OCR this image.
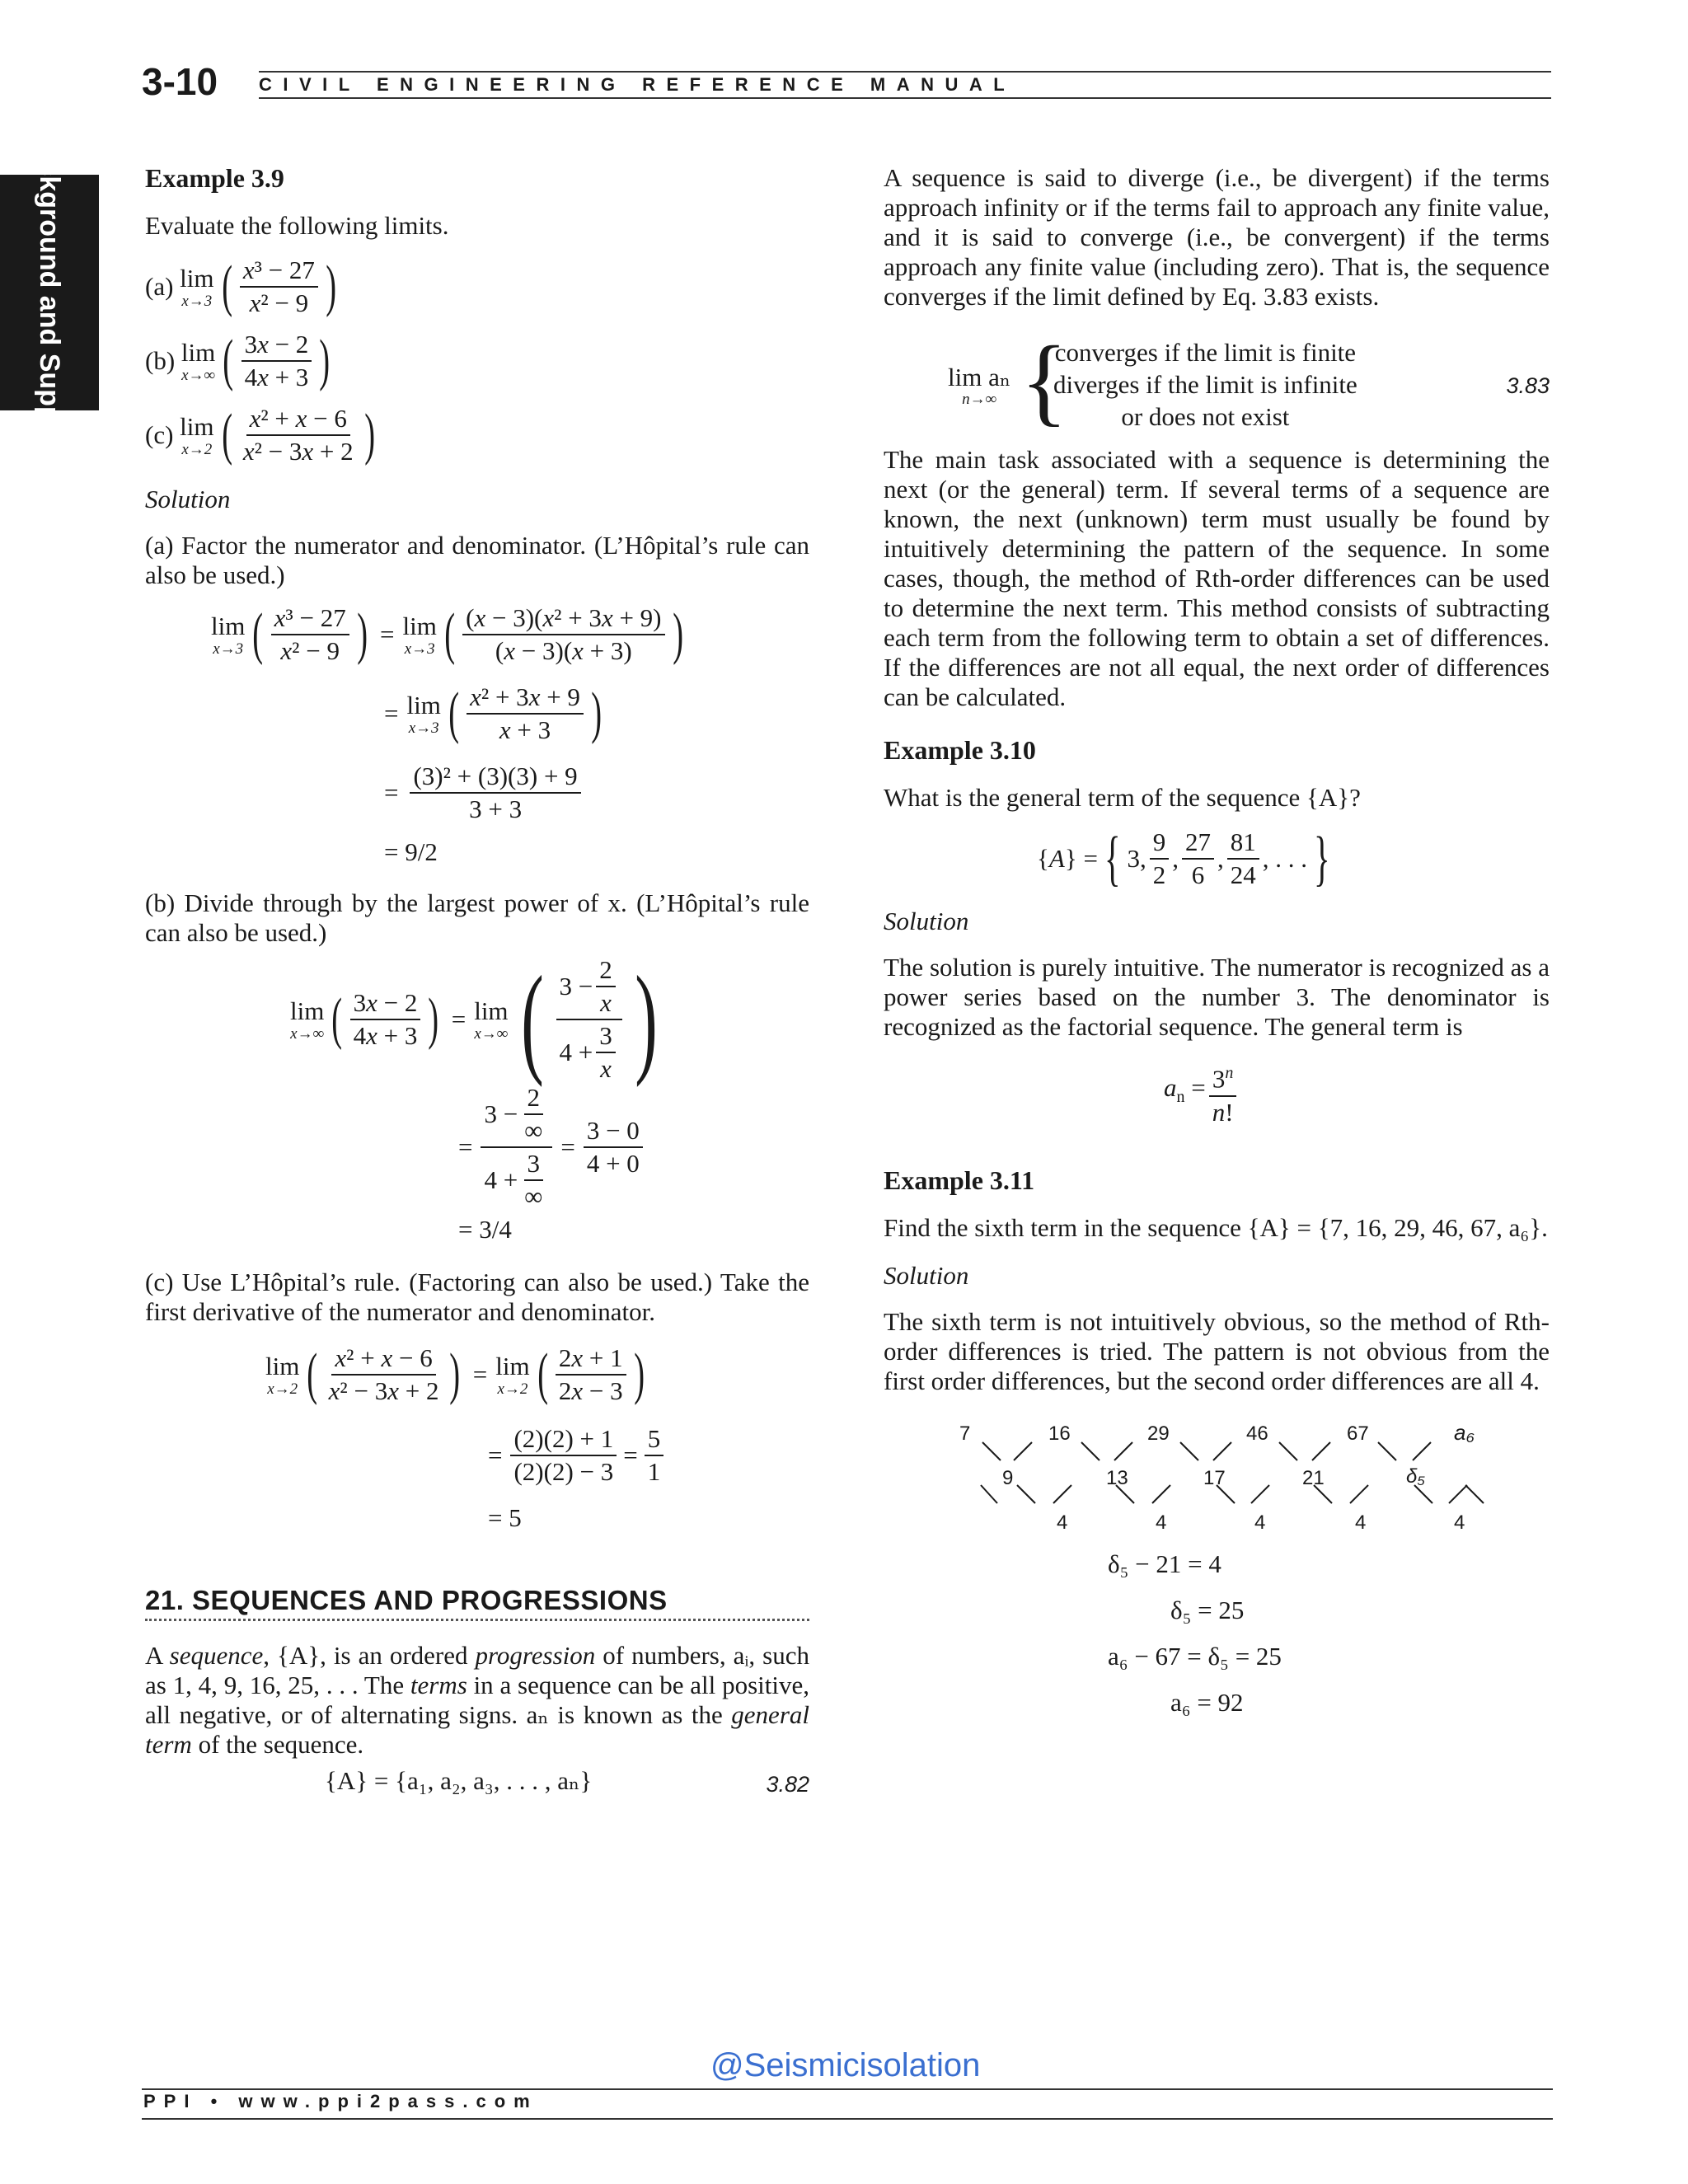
3-10 CIVIL ENGINEERING REFERENCE MANUAL
Background and Support	Example 3.9
Evaluate the following limits.
(a)
lim
x→3 ( $\frac{\text{x³ − 27}}{\text{x² − 9}}$ )
(b)
lim
x→∞ ( $\frac{3x - 2}{4x + 3}$ )
(c)
lim
x→2 ( $\frac{\text{x² + x − 6}}{\text{x² − 3x + 2}}$ )
Solution
(a) Factor the numerator and denominator. (L’Hôpital’s rule can also be used.)
lim
x→3 ( $\frac{\text{x³ − 27}}{\text{x² − 9}}$ ) = lim
x→3 ( $\frac{\text{(x − 3)(x² + 3x + 9)}}{(x - 3)(x + 3)}$ )
= lim
x→3 ( $\frac{\text{x² + 3x + 9}}{x + 3}$ )
= $\frac{\text{(3)² + (3)(3) + 9}}{3 + 3}$
= 9/2
(b) Divide through by the largest power of x. (L’Hôpital’s rule can also be used.)
lim
x→∞ ( $\frac{3x - 2}{4x + 3}$ ) = lim
x→∞ ( $\frac{3 - \frac{2}{x}}{4 + \frac{3}{x}}$ )
= $\frac{3 - \frac{2}{\infty}}{4 + \frac{3}{\infty}} = \frac{3 - 0}{4 + 0}$
= 3/4
(c) Use L’Hôpital’s rule. (Factoring can also be used.) Take the first derivative of the numerator and denominator.
lim
x→2 ( $\frac{\text{x² + x − 6}}{\text{x² − 3x + 2}}$ ) = lim
x→2 ( $\frac{2x + 1}{2x - 3}$ )
= $\frac{(2)(2) + 1}{(2)(2) - 3} = \frac{5}{1}$
= 5
21. SEQUENCES AND PROGRESSIONS
A sequence, {A}, is an ordered progression of numbers, aᵢ, such as 1, 4, 9, 16, 25, . . . The terms in a sequence can be all positive, all negative, or of alternating signs. aₙ is known as the general term of the sequence.
{A} = {a₁, a₂, a₃, . . . , aₙ}	3.82
A sequence is said to diverge (i.e., be divergent) if the terms approach infinity or if the terms fail to approach any finite value, and it is said to converge (i.e., be convergent) if the terms approach any finite value (including zero). That is, the sequence converges if the limit defined by Eq. 3.83 exists.
lim aₙ
n→∞ {
converges if the limit is finite
diverges if the limit is infinite
or does not exist
3.83
The main task associated with a sequence is determining the next (or the general) term. If several terms of a sequence are known, the next (unknown) term must usually be found by intuitively determining the pattern of the sequence. In some cases, though, the method of Rth-order differences can be used to determine the next term. This method consists of subtracting each term from the following term to obtain a set of differences. If the differences are not all equal, the next order of differences can be calculated.
Example 3.10
What is the general term of the sequence {A}?
{A} = { 3, $\frac{9}{2}$ , $\frac{27}{6}$ , $\frac{81}{24}$ , . . . }
Solution
The solution is purely intuitive. The numerator is recognized as a power series based on the number 3. The denominator is recognized as the factorial sequence. The general term is
$a_n = \frac{3^n}{n!}$
Example 3.11
Find the sixth term in the sequence {A} = {7, 16, 29, 46, 67, a₆}.
Solution
The sixth term is not intuitively obvious, so the method of Rth-order differences is tried. The pattern is not obvious from the first order differences, but the second order differences are all 4.
7	16	29	46	67	a₆
9	13	17	21	δ₅
4	4	4	4	4
δ₅ − 21 = 4
δ₅ = 25
a₆ − 67 = δ₅ = 25
a₆ = 92
@Seismicisolation
PPI • www.ppi2pass.com
